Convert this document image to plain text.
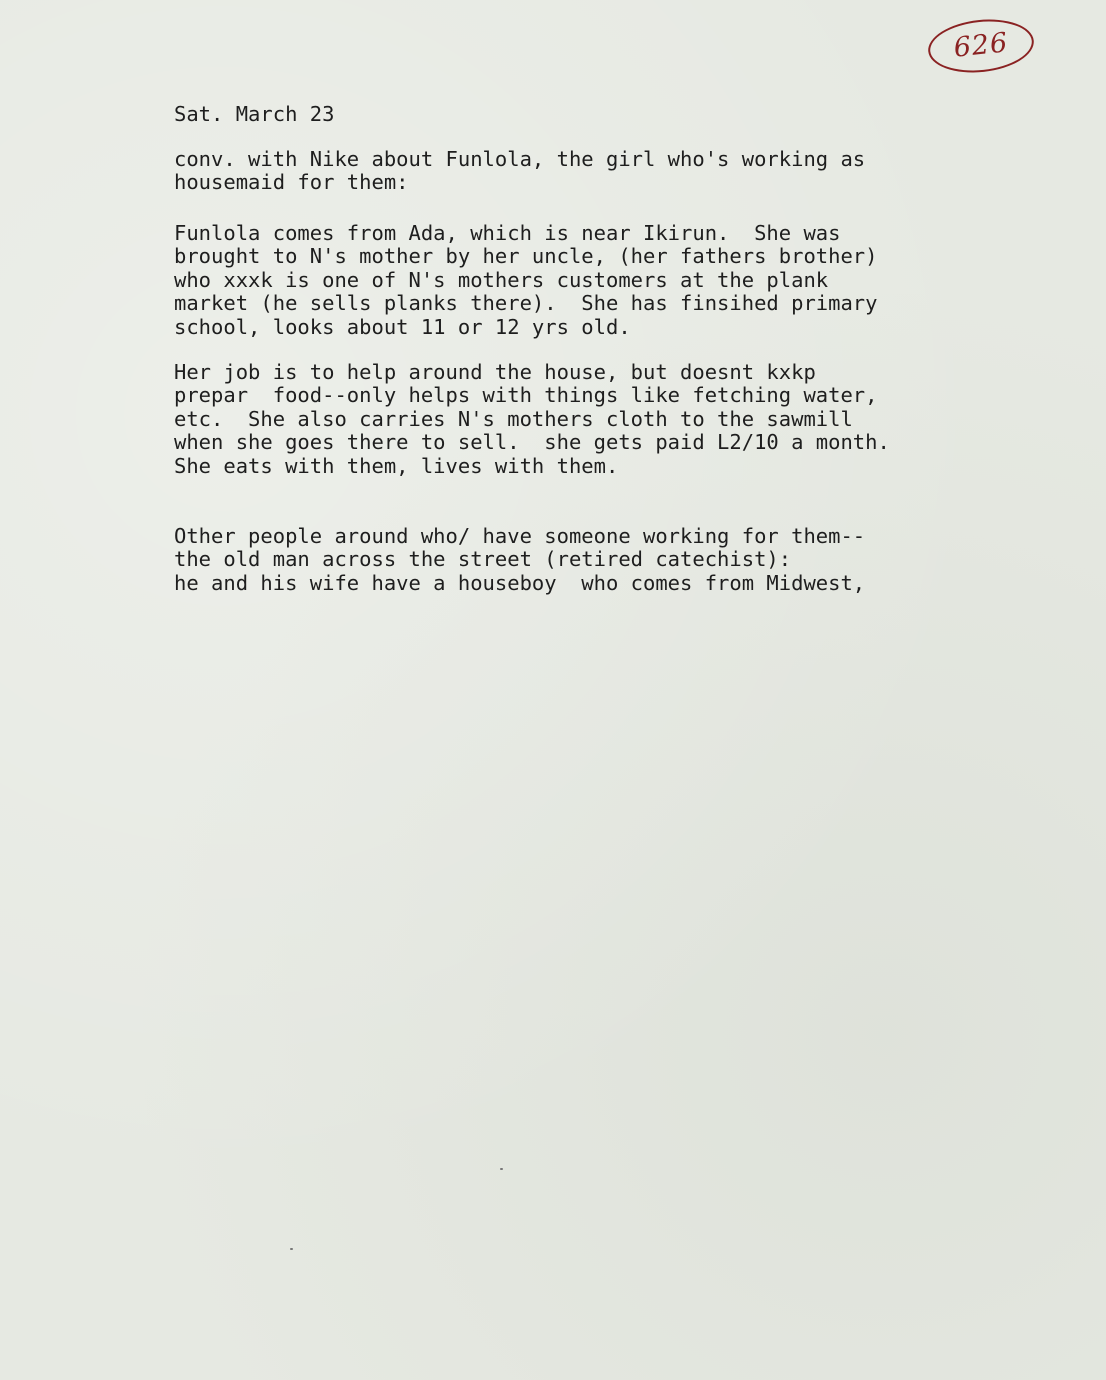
626
Sat. March 23
conv. with Nike about Funlola, the girl who's working as
housemaid for them:
Funlola comes from Ada, which is near Ikirun.  She was
brought to N's mother by her uncle, (her fathers brother)
who xxxk is one of N's mothers customers at the plank
market (he sells planks there).  She has finsihed primary
school, looks about 11 or 12 yrs old.
Her job is to help around the house, but doesnt kxkp
prepar  food--only helps with things like fetching water,
etc.  She also carries N's mothers cloth to the sawmill
when she goes there to sell.  she gets paid L2/10 a month.
She eats with them, lives with them.
Other people around who/ have someone working for them--
the old man across the street (retired catechist):
he and his wife have a houseboy  who comes from Midwest,
